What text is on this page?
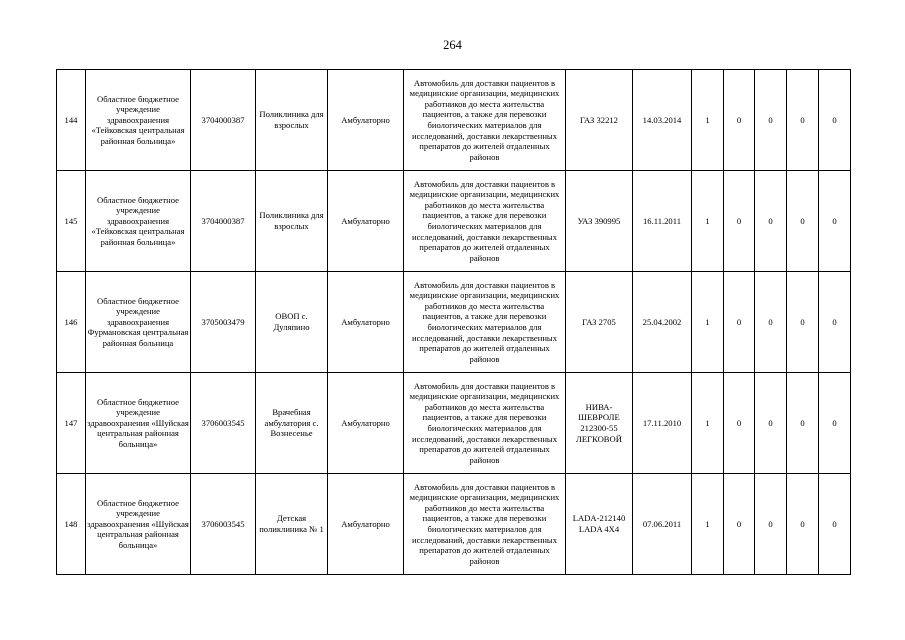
264
144	Областное бюджетное учреждение здравоохранения «Тейковская центральная районная больница»	3704000387	Поликлиника для взрослых	Амбулаторно	Автомобиль для доставки пациентов в медицинские организации, медицинских работников до места жительства пациентов, а также для перевозки биологических материалов для исследований, доставки лекарственных препаратов до жителей отдаленных районов	ГАЗ 32212	14.03.2014	1	0	0	0	0
145	Областное бюджетное учреждение здравоохранения «Тейковская центральная районная больница»	3704000387	Поликлиника для взрослых	Амбулаторно	Автомобиль для доставки пациентов в медицинские организации, медицинских работников до места жительства пациентов, а также для перевозки биологических материалов для исследований, доставки лекарственных препаратов до жителей отдаленных районов	УАЗ 390995	16.11.2011	1	0	0	0	0
146	Областное бюджетное учреждение здравоохранения Фурмановская центральная районная больница	3705003479	ОВОП с. Дуляпино	Амбулаторно	Автомобиль для доставки пациентов в медицинские организации, медицинских работников до места жительства пациентов, а также для перевозки биологических материалов для исследований, доставки лекарственных препаратов до жителей отдаленных районов	ГАЗ 2705	25.04.2002	1	0	0	0	0
147	Областное бюджетное учреждение здравоохранения «Шуйская центральная районная больница»	3706003545	Врачебная амбулатория с. Вознесенье	Амбулаторно	Автомобиль для доставки пациентов в медицинские организации, медицинских работников до места жительства пациентов, а также для перевозки биологических материалов для исследований, доставки лекарственных препаратов до жителей отдаленных районов	НИВА-ШЕВРОЛЕ 212300-55 ЛЕГКОВОЙ	17.11.2010	1	0	0	0	0
148	Областное бюджетное учреждение здравоохранения «Шуйская центральная районная больница»	3706003545	Детская поликлиника № 1	Амбулаторно	Автомобиль для доставки пациентов в медицинские организации, медицинских работников до места жительства пациентов, а также для перевозки биологических материалов для исследований, доставки лекарственных препаратов до жителей отдаленных районов	LADA-212140 LADA 4X4	07.06.2011	1	0	0	0	0
